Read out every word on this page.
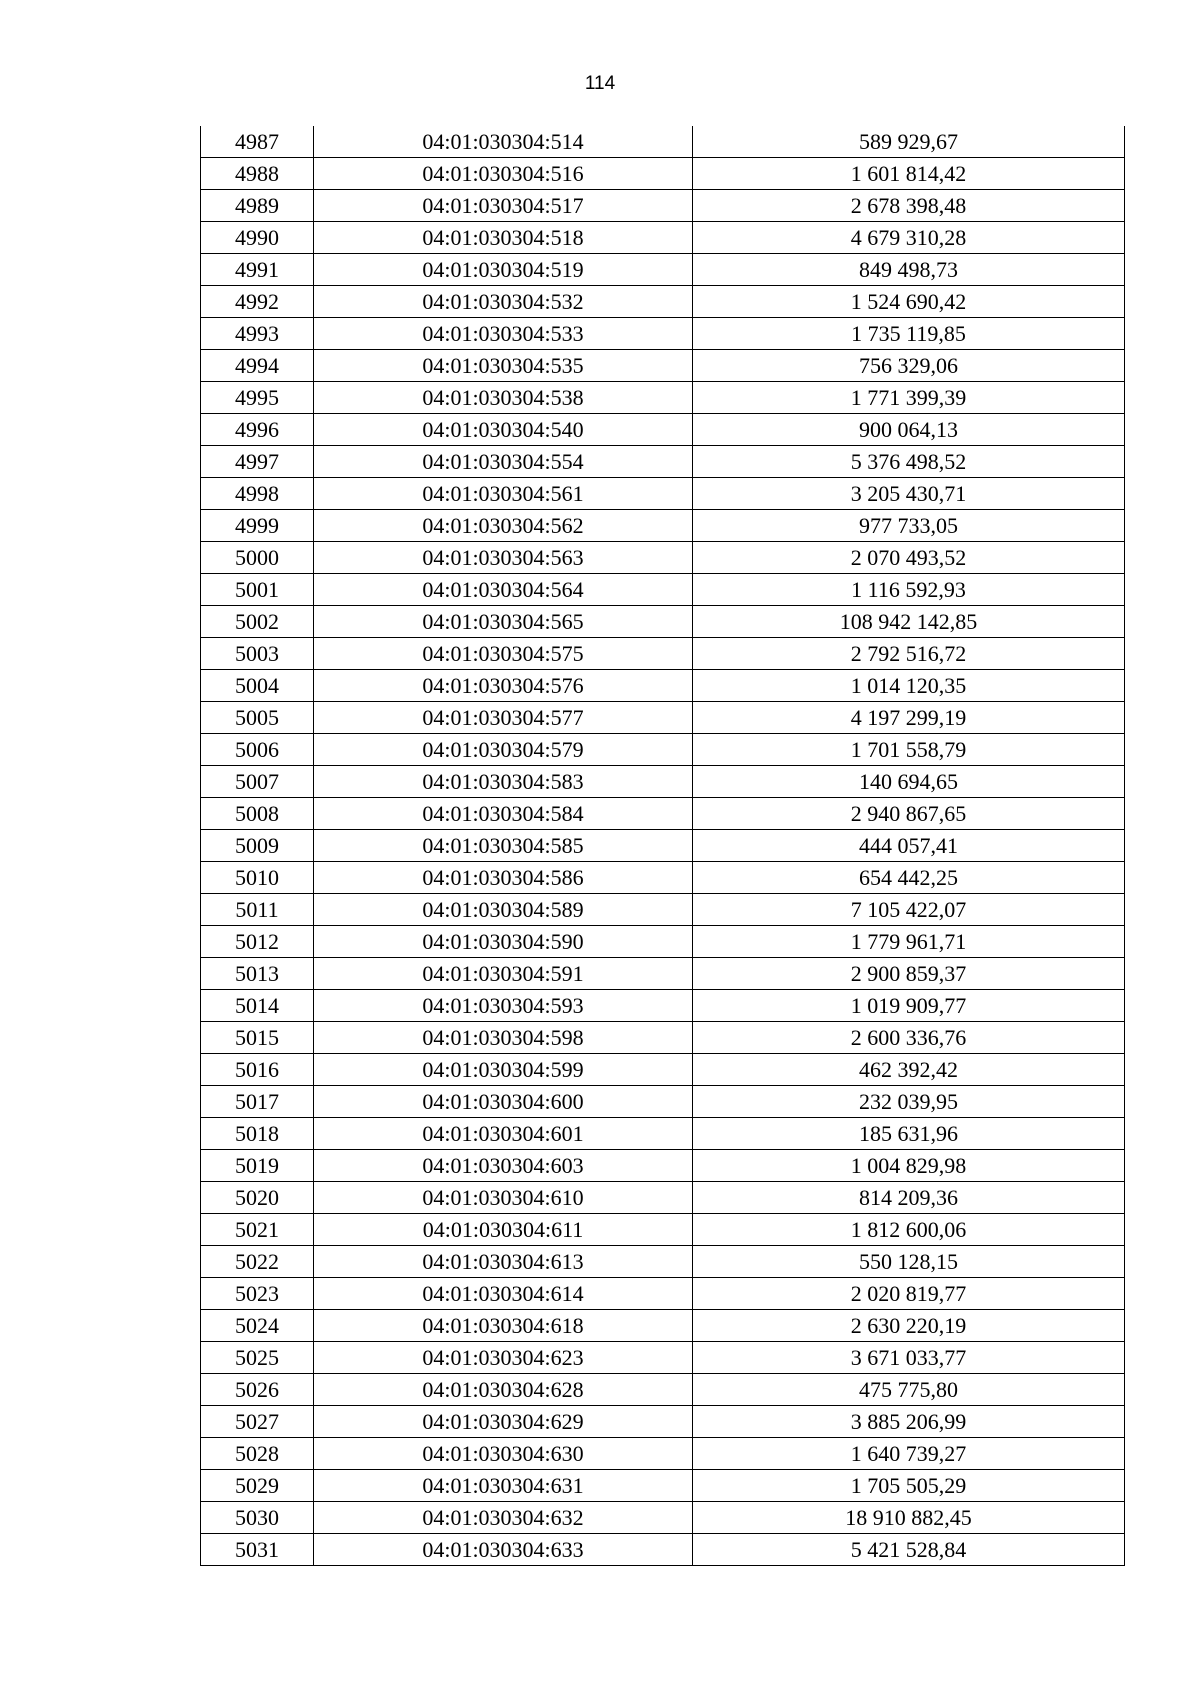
114
4987	04:01:030304:514	589 929,67
4988	04:01:030304:516	1 601 814,42
4989	04:01:030304:517	2 678 398,48
4990	04:01:030304:518	4 679 310,28
4991	04:01:030304:519	849 498,73
4992	04:01:030304:532	1 524 690,42
4993	04:01:030304:533	1 735 119,85
4994	04:01:030304:535	756 329,06
4995	04:01:030304:538	1 771 399,39
4996	04:01:030304:540	900 064,13
4997	04:01:030304:554	5 376 498,52
4998	04:01:030304:561	3 205 430,71
4999	04:01:030304:562	977 733,05
5000	04:01:030304:563	2 070 493,52
5001	04:01:030304:564	1 116 592,93
5002	04:01:030304:565	108 942 142,85
5003	04:01:030304:575	2 792 516,72
5004	04:01:030304:576	1 014 120,35
5005	04:01:030304:577	4 197 299,19
5006	04:01:030304:579	1 701 558,79
5007	04:01:030304:583	140 694,65
5008	04:01:030304:584	2 940 867,65
5009	04:01:030304:585	444 057,41
5010	04:01:030304:586	654 442,25
5011	04:01:030304:589	7 105 422,07
5012	04:01:030304:590	1 779 961,71
5013	04:01:030304:591	2 900 859,37
5014	04:01:030304:593	1 019 909,77
5015	04:01:030304:598	2 600 336,76
5016	04:01:030304:599	462 392,42
5017	04:01:030304:600	232 039,95
5018	04:01:030304:601	185 631,96
5019	04:01:030304:603	1 004 829,98
5020	04:01:030304:610	814 209,36
5021	04:01:030304:611	1 812 600,06
5022	04:01:030304:613	550 128,15
5023	04:01:030304:614	2 020 819,77
5024	04:01:030304:618	2 630 220,19
5025	04:01:030304:623	3 671 033,77
5026	04:01:030304:628	475 775,80
5027	04:01:030304:629	3 885 206,99
5028	04:01:030304:630	1 640 739,27
5029	04:01:030304:631	1 705 505,29
5030	04:01:030304:632	18 910 882,45
5031	04:01:030304:633	5 421 528,84
